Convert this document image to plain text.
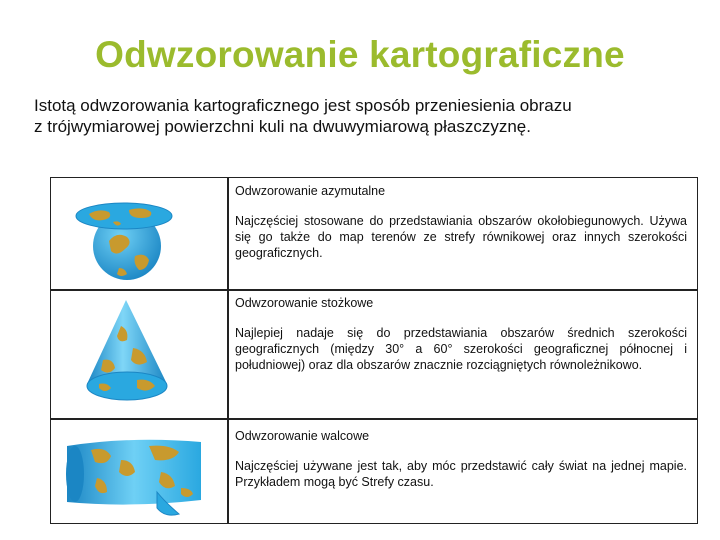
Odwzorowanie kartograficzne
Istotą odwzorowania kartograficznego jest sposób przeniesienia obrazu
z trójwymiarowej powierzchni kuli na dwuwymiarową płaszczyznę.
Odwzorowanie azymutalne
Najczęściej stosowane do przedstawiania obszarów okołobiegunowych. Używa się go także do map terenów ze strefy równikowej oraz innych szerokości geograficznych.
Odwzorowanie stożkowe
Najlepiej nadaje się do przedstawiania obszarów średnich szerokości geograficznych (między 30° a 60° szerokości geograficznej północnej i południowej) oraz dla obszarów znacznie rozciągniętych równoleżnikowo.
Odwzorowanie walcowe
Najczęściej używane jest tak, aby móc przedstawić cały świat na jednej mapie. Przykładem mogą być Strefy czasu.
